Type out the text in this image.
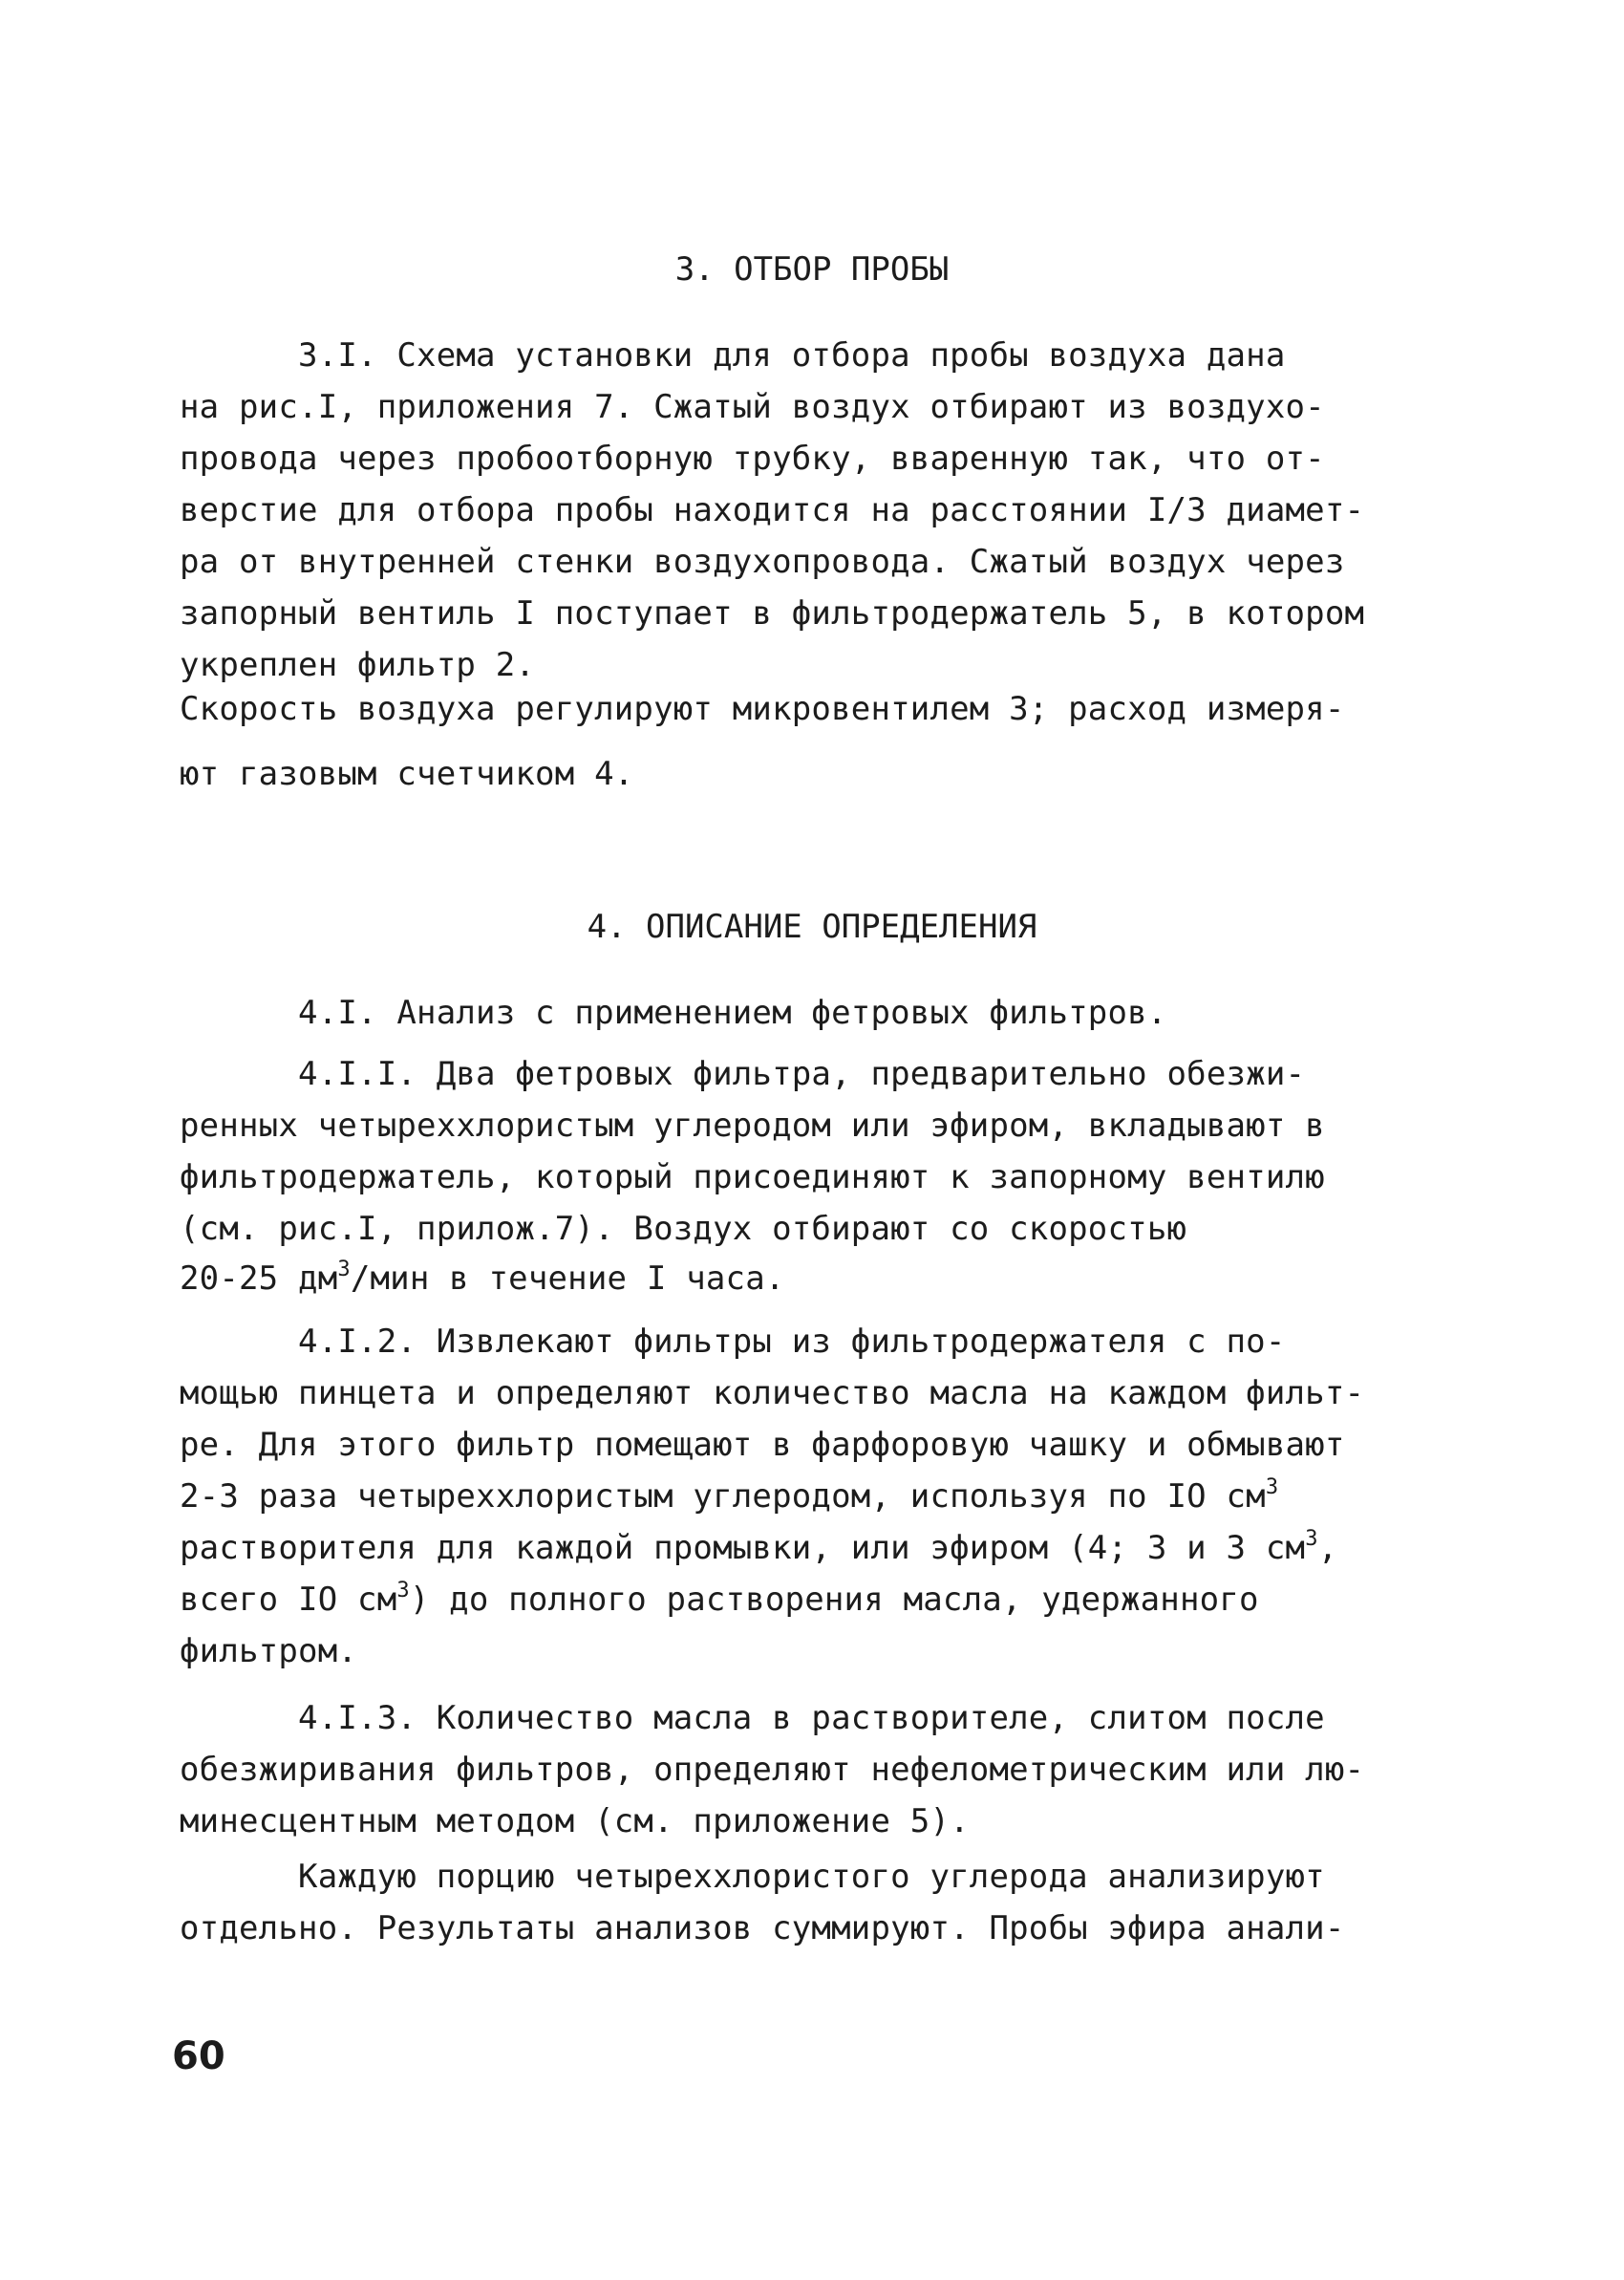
3. ОТБОР ПРОБЫ
3.I. Схема установки для отбора пробы воздуха дана
на рис.I, приложения 7. Сжатый воздух отбирают из воздухо-
провода через пробоотборную трубку, вваренную так, что от-
верстие для отбора пробы находится на расстоянии I/3 диамет-
ра от внутренней стенки воздухопровода. Сжатый воздух через
запорный вентиль I поступает в фильтродержатель 5, в котором
укреплен фильтр 2.
Скорость воздуха регулируют микровентилем 3; расход измеря-
ют газовым счетчиком 4.
4. ОПИСАНИЕ ОПРЕДЕЛЕНИЯ
4.I. Анализ с применением фетровых фильтров.
4.I.I. Два фетровых фильтра, предварительно обезжи-
ренных четыреххлористым углеродом или эфиром, вкладывают в
фильтродержатель, который присоединяют к запорному вентилю
(см. рис.I, прилож.7). Воздух отбирают со скоростью
20-25 $дм^3$/мин в течение I часа.
4.I.2. Извлекают фильтры из фильтродержателя с по-
мощью пинцета и определяют количество масла на каждом фильт-
ре. Для этого фильтр помещают в фарфоровую чашку и обмывают
2-3 раза четыреххлористым углеродом, используя по IO $см^3$
растворителя для каждой промывки, или эфиром (4; 3 и 3 $см^3$,
всего IO $см^3$) до полного растворения масла, удержанного
фильтром.
4.I.3. Количество масла в растворителе, слитом после
обезжиривания фильтров, определяют нефелометрическим или лю-
минесцентным методом (см. приложение 5).
Каждую порцию четыреххлористого углерода анализируют
отдельно. Результаты анализов суммируют. Пробы эфира анали-
60
